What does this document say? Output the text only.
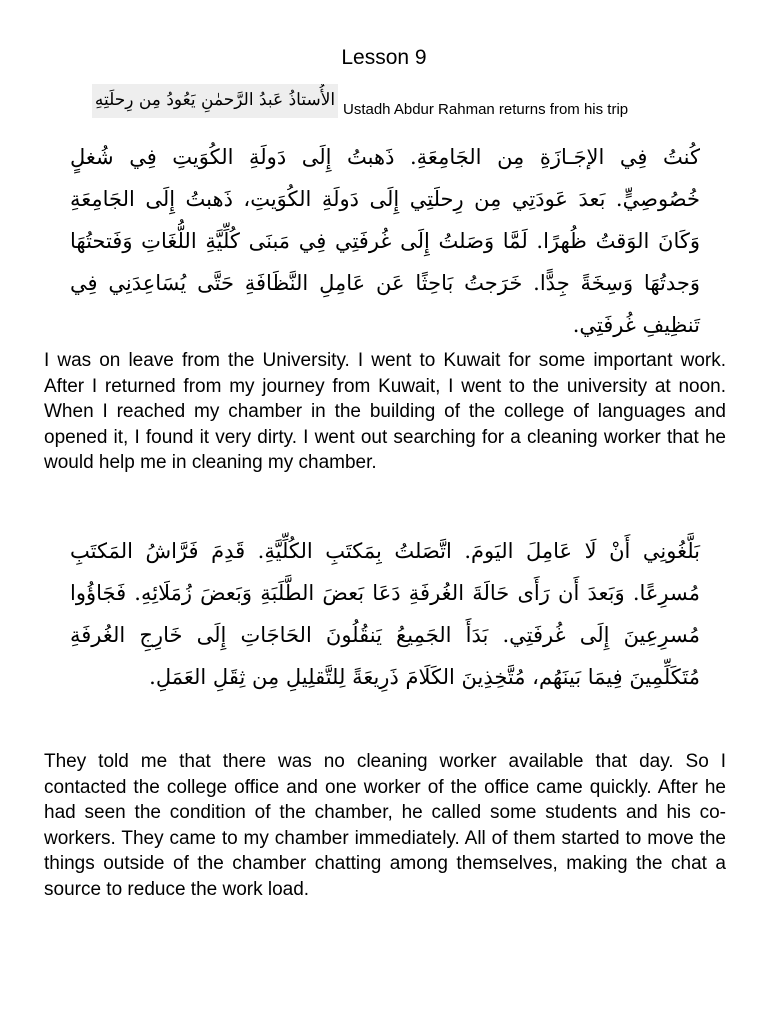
Lesson 9
الأُستاذُ عَبدُ الرَّحمٰنِ يَعُودُ مِن رِحلَتِهِ Ustadh Abdur Rahman returns from his trip
كُنتُ فِي الإجَـازَةِ مِن الجَامِعَةِ. ذَهبتُ إِلَى دَولَةِ الكُوَيتِ فِي شُغلٍ خُصُوصِيٍّ. بَعدَ عَودَتِي مِن رِحلَتِي إِلَى دَولَةِ الكُوَيتِ، ذَهبتُ إِلَى الجَامِعَةِ وَكَانَ الوَقتُ ظُهرًا. لَمَّا وَصَلتُ إِلَى غُرفَتِي فِي مَبنَى كُلِّيَّةِ اللُّغَاتِ وَفَتحتُهَا وَجدتُهَا وَسِخَةً جِدًّا. خَرَجتُ بَاحِثًا عَن عَامِلِ النَّظَافَةِ حَتَّى يُسَاعِدَنِي فِي تَنظِيفِ غُرفَتِي.
I was on leave from the University. I went to Kuwait for some important work. After I returned from my journey from Kuwait, I went to the university at noon. When I reached my chamber in the building of the college of languages and opened it, I found it very dirty. I went out searching for a cleaning worker that he would help me in cleaning my chamber.
بَلَّغُونِي أَنْ لَا عَامِلَ اليَومَ. اتَّصَلتُ بِمَكتَبِ الكُلِّيَّةِ. قَدِمَ فَرَّاشُ المَكتَبِ مُسرِعًا. وَبَعدَ أَن رَأَى حَالَةَ الغُرفَةِ دَعَا بَعضَ الطَّلَبَةِ وَبَعضَ زُمَلَائِهِ. فَجَاؤُوا مُسرِعِينَ إِلَى غُرفَتِي. بَدَأَ الجَمِيعُ يَنقُلُونَ الحَاجَاتِ إِلَى خَارِجِ الغُرفَةِ مُتَكَلِّمِينَ فِيمَا بَينَهُم، مُتَّخِذِينَ الكَلَامَ ذَرِيعَةً لِلتَّقلِيلِ مِن ثِقَلِ العَمَلِ.
They told me that there was no cleaning worker available that day. So I contacted the college office and one worker of the office came quickly. After he had seen the condition of the chamber, he called some students and his co-workers. They came to my chamber immediately. All of them started to move the things outside of the chamber chatting among themselves, making the chat a source to reduce the work load.
